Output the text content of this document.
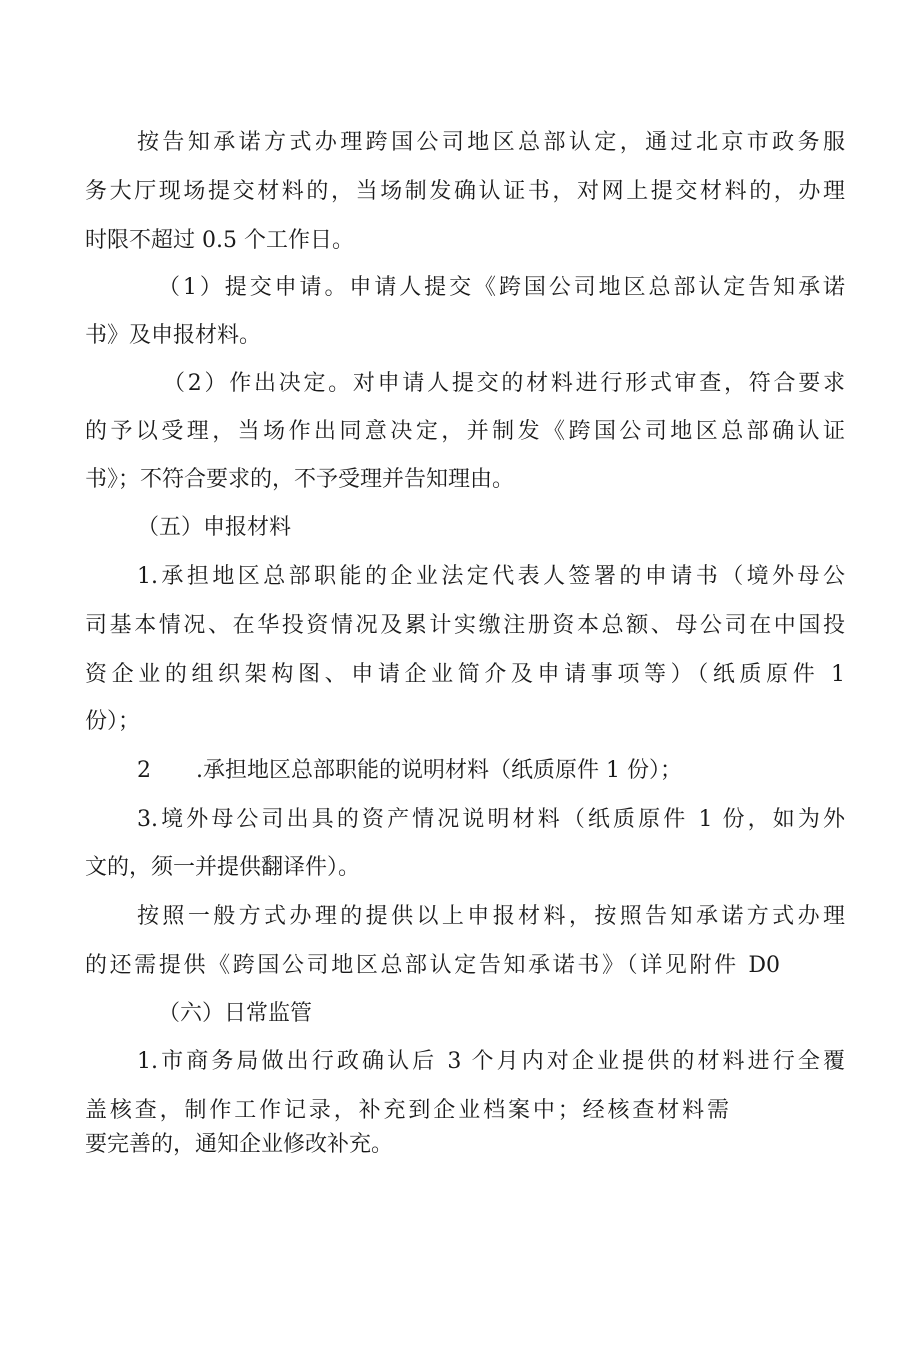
按告知承诺方式办理跨国公司地区总部认定，通过北京市政务服
务大厅现场提交材料的，当场制发确认证书，对网上提交材料的，办理
时限不超过 0.5 个工作日。
（1）提交申请。申请人提交《跨国公司地区总部认定告知承诺
书》及申报材料。
（2）作出决定。对申请人提交的材料进行形式审查，符合要求
的予以受理，当场作出同意决定，并制发《跨国公司地区总部确认证
书》；不符合要求的，不予受理并告知理由。
（五）申报材料
1.承担地区总部职能的企业法定代表人签署的申请书（境外母公
司基本情况、在华投资情况及累计实缴注册资本总额、母公司在中国投
资企业的组织架构图、申请企业简介及申请事项等）（纸质原件 1
份）；
2 .承担地区总部职能的说明材料（纸质原件 1 份）；
3.境外母公司出具的资产情况说明材料（纸质原件 1 份，如为外
文的，须一并提供翻译件）。
按照一般方式办理的提供以上申报材料，按照告知承诺方式办理
的还需提供《跨国公司地区总部认定告知承诺书》（详见附件 D0
（六）日常监管
1.市商务局做出行政确认后 3 个月内对企业提供的材料进行全覆
盖核查，制作工作记录，补充到企业档案中；经核查材料需
要完善的，通知企业修改补充。
